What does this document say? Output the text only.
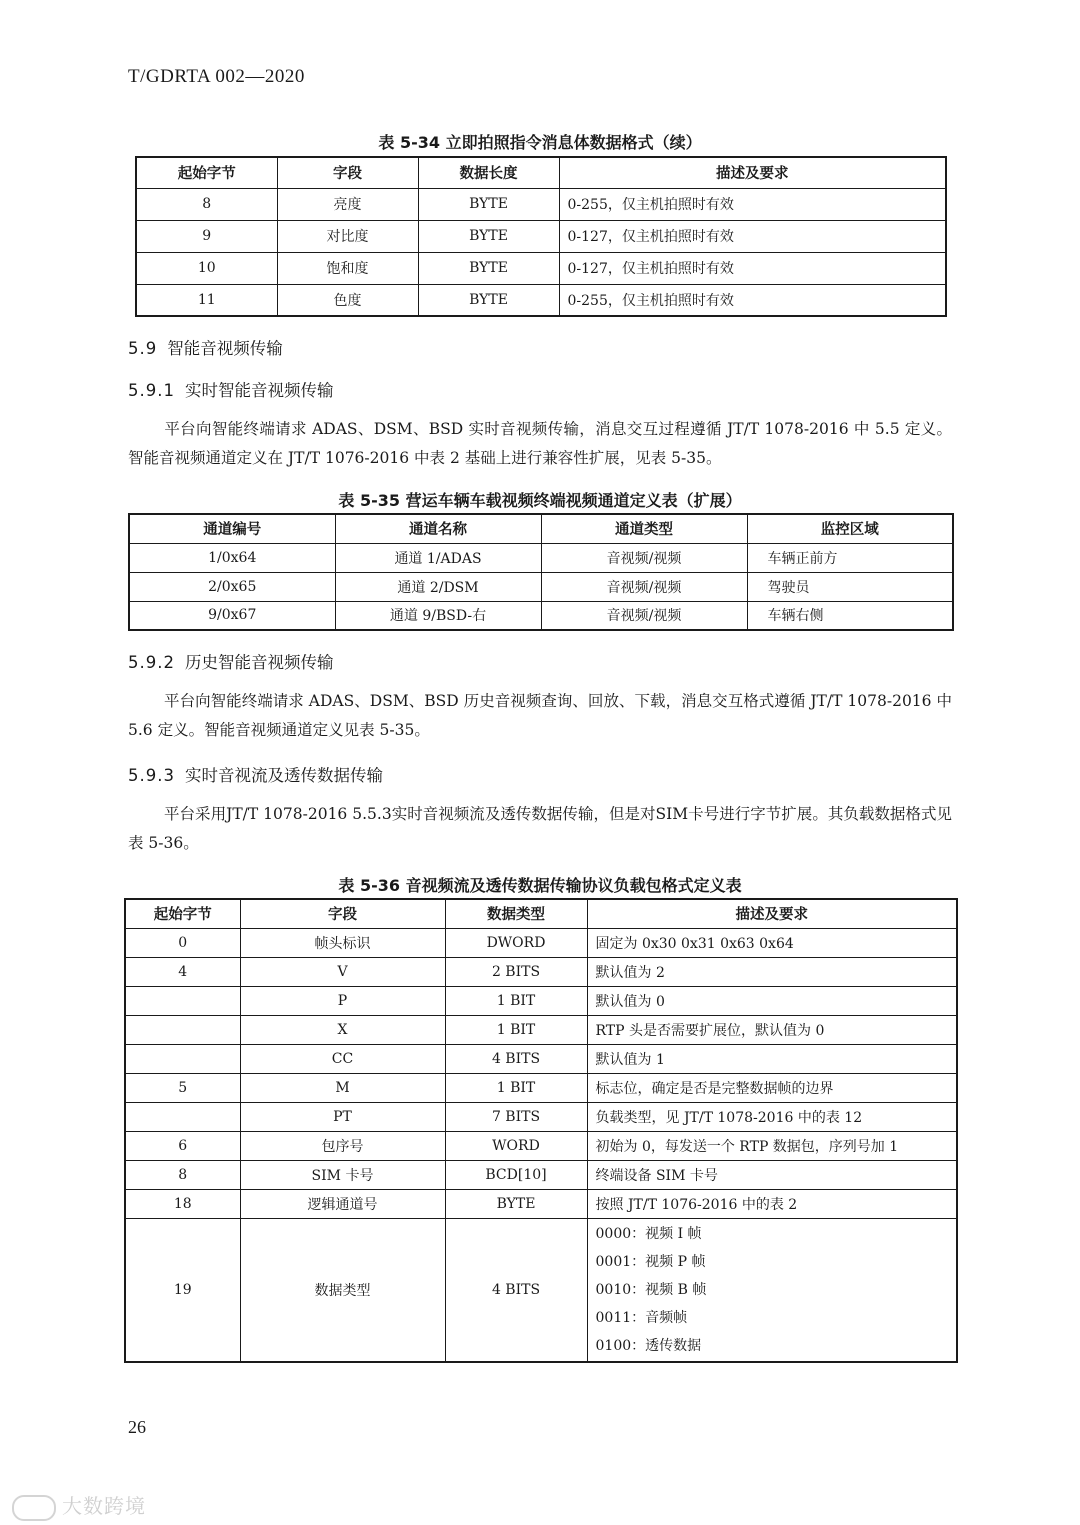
T/GDRTA 002—2020
表 5-34 立即拍照指令消息体数据格式（续）
起始字节	字段	数据长度	描述及要求
8	亮度	BYTE	0-255，仅主机拍照时有效
9	对比度	BYTE	0-127，仅主机拍照时有效
10	饱和度	BYTE	0-127，仅主机拍照时有效
11	色度	BYTE	0-255，仅主机拍照时有效
5.9 智能音视频传输
5.9.1 实时智能音视频传输
平台向智能终端请求 ADAS、DSM、BSD 实时音视频传输，消息交互过程遵循 JT/T 1078-2016 中 5.5 定义。智能音视频通道定义在 JT/T 1076-2016 中表 2 基础上进行兼容性扩展，见表 5-35。
表 5-35 营运车辆车载视频终端视频通道定义表（扩展）
通道编号	通道名称	通道类型	监控区域
1/0x64	通道 1/ADAS	音视频/视频	车辆正前方
2/0x65	通道 2/DSM	音视频/视频	驾驶员
9/0x67	通道 9/BSD-右	音视频/视频	车辆右侧
5.9.2 历史智能音视频传输
平台向智能终端请求 ADAS、DSM、BSD 历史音视频查询、回放、下载，消息交互格式遵循 JT/T 1078-2016 中 5.6 定义。智能音视频通道定义见表 5-35。
5.9.3 实时音视流及透传数据传输
平台采用JT/T 1078-2016 5.5.3实时音视频流及透传数据传输，但是对SIM卡号进行字节扩展。其负载数据格式见表 5-36。
表 5-36 音视频流及透传数据传输协议负载包格式定义表
起始字节	字段	数据类型	描述及要求
0	帧头标识	DWORD	固定为 0x30 0x31 0x63 0x64
4	V	2 BITS	默认值为 2
	P	1 BIT	默认值为 0
	X	1 BIT	RTP 头是否需要扩展位，默认值为 0
	CC	4 BITS	默认值为 1
5	M	1 BIT	标志位，确定是否是完整数据帧的边界
	PT	7 BITS	负载类型，见 JT/T 1078-2016 中的表 12
6	包序号	WORD	初始为 0，每发送一个 RTP 数据包，序列号加 1
8	SIM 卡号	BCD[10]	终端设备 SIM 卡号
18	逻辑通道号	BYTE	按照 JT/T 1076-2016 中的表 2
19	数据类型	4 BITS	0000：视频 I 帧
0001：视频 P 帧
0010：视频 B 帧
0011：音频帧
0100：透传数据
26
大数跨境
